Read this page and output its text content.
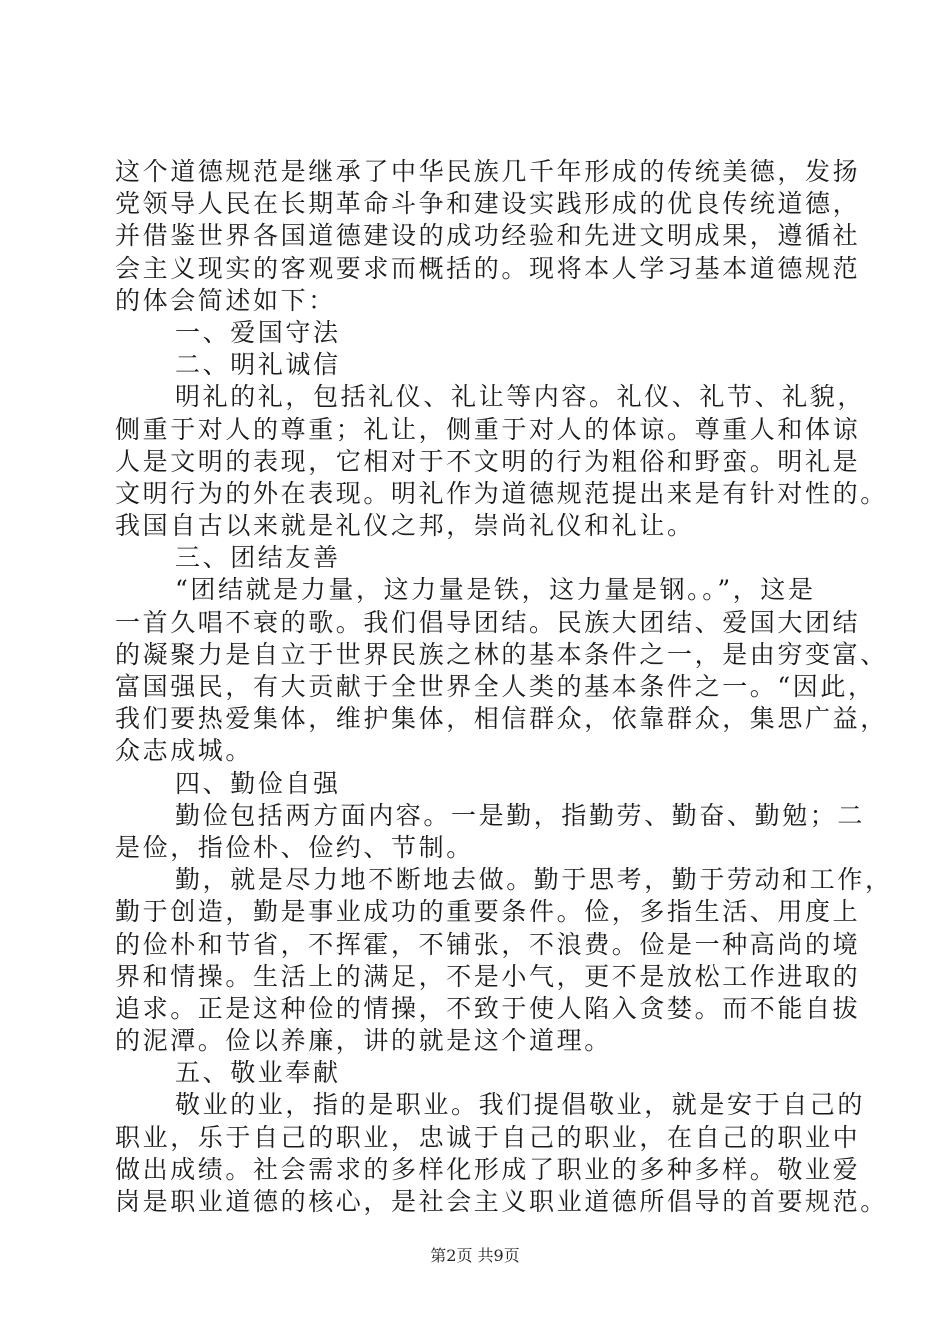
这个道德规范是继承了中华民族几千年形成的传统美德，发扬
党领导人民在长期革命斗争和建设实践形成的优良传统道德，
并借鉴世界各国道德建设的成功经验和先进文明成果，遵循社
会主义现实的客观要求而概括的。现将本人学习基本道德规范
的体会简述如下：
一、爱国守法
二、明礼诚信
明礼的礼，包括礼仪、礼让等内容。礼仪、礼节、礼貌，
侧重于对人的尊重；礼让，侧重于对人的体谅。尊重人和体谅
人是文明的表现，它相对于不文明的行为粗俗和野蛮。明礼是
文明行为的外在表现。明礼作为道德规范提出来是有针对性的。
我国自古以来就是礼仪之邦，崇尚礼仪和礼让。
三、团结友善
“团结就是力量，这力量是铁，这力量是钢。。”，这是
一首久唱不衰的歌。我们倡导团结。民族大团结、爱国大团结
的凝聚力是自立于世界民族之林的基本条件之一，是由穷变富、
富国强民，有大贡献于全世界全人类的基本条件之一。“因此，
我们要热爱集体，维护集体，相信群众，依靠群众，集思广益，
众志成城。
四、勤俭自强
勤俭包括两方面内容。一是勤，指勤劳、勤奋、勤勉；二
是俭，指俭朴、俭约、节制。
勤，就是尽力地不断地去做。勤于思考，勤于劳动和工作，
勤于创造，勤是事业成功的重要条件。俭，多指生活、用度上
的俭朴和节省，不挥霍，不铺张，不浪费。俭是一种高尚的境
界和情操。生活上的满足，不是小气，更不是放松工作进取的
追求。正是这种俭的情操，不致于使人陷入贪婪。而不能自拔
的泥潭。俭以养廉，讲的就是这个道理。
五、敬业奉献
敬业的业，指的是职业。我们提倡敬业，就是安于自己的
职业，乐于自己的职业，忠诚于自己的职业，在自己的职业中
做出成绩。社会需求的多样化形成了职业的多种多样。敬业爱
岗是职业道德的核心，是社会主义职业道德所倡导的首要规范。
第2页 共9页
